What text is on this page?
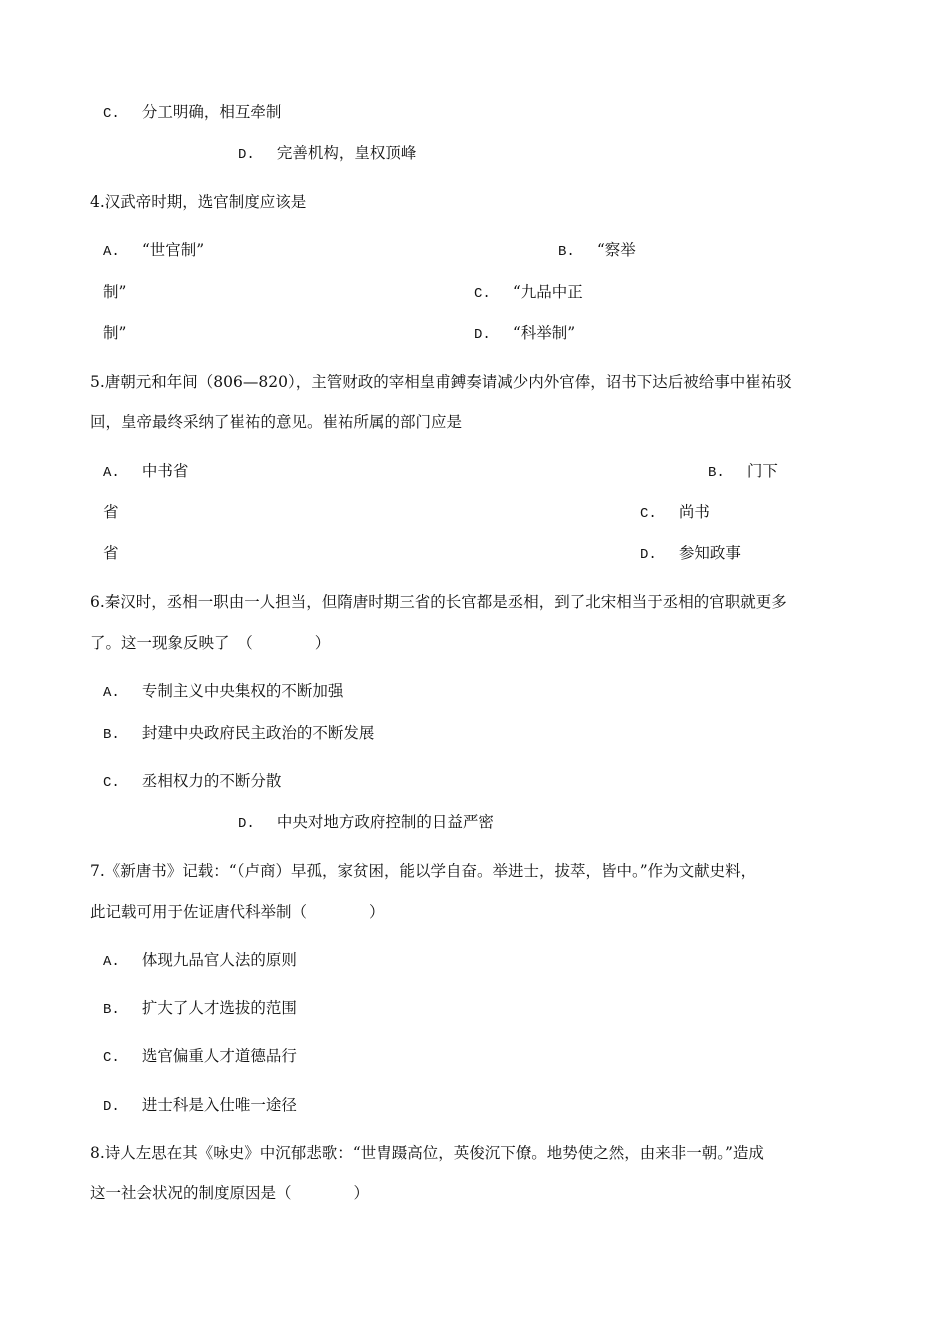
C. 分工明确，相互牵制
D. 完善机构，皇权顶峰
4.汉武帝时期，选官制度应该是
A. “世官制”	B. “察举
制”	C. “九品中正
制”	D. “科举制”
5.唐朝元和年间（806—820），主管财政的宰相皇甫鎛奏请减少内外官俸，诏书下达后被给事中崔祐驳
回，皇帝最终采纳了崔祐的意见。崔祐所属的部门应是
A. 中书省	B. 门下
省	C. 尚书
省	D. 参知政事
6.秦汉时，丞相一职由一人担当，但隋唐时期三省的长官都是丞相，到了北宋相当于丞相的官职就更多
了。这一现象反映了　（　　　　）
A. 专制主义中央集权的不断加强
B. 封建中央政府民主政治的不断发展
C. 丞相权力的不断分散
D. 中央对地方政府控制的日益严密
7.《新唐书》记载：“（卢商）早孤，家贫困，能以学自奋。举进士，拔萃，皆中。”作为文献史料，
此记载可用于佐证唐代科举制（　　　　）
A. 体现九品官人法的原则
B. 扩大了人才选拔的范围
C. 选官偏重人才道德品行
D. 进士科是入仕唯一途径
8.诗人左思在其《咏史》中沉郁悲歌：“世胄蹑高位，英俊沉下僚。地势使之然，由来非一朝。”造成
这一社会状况的制度原因是（　　　　）
